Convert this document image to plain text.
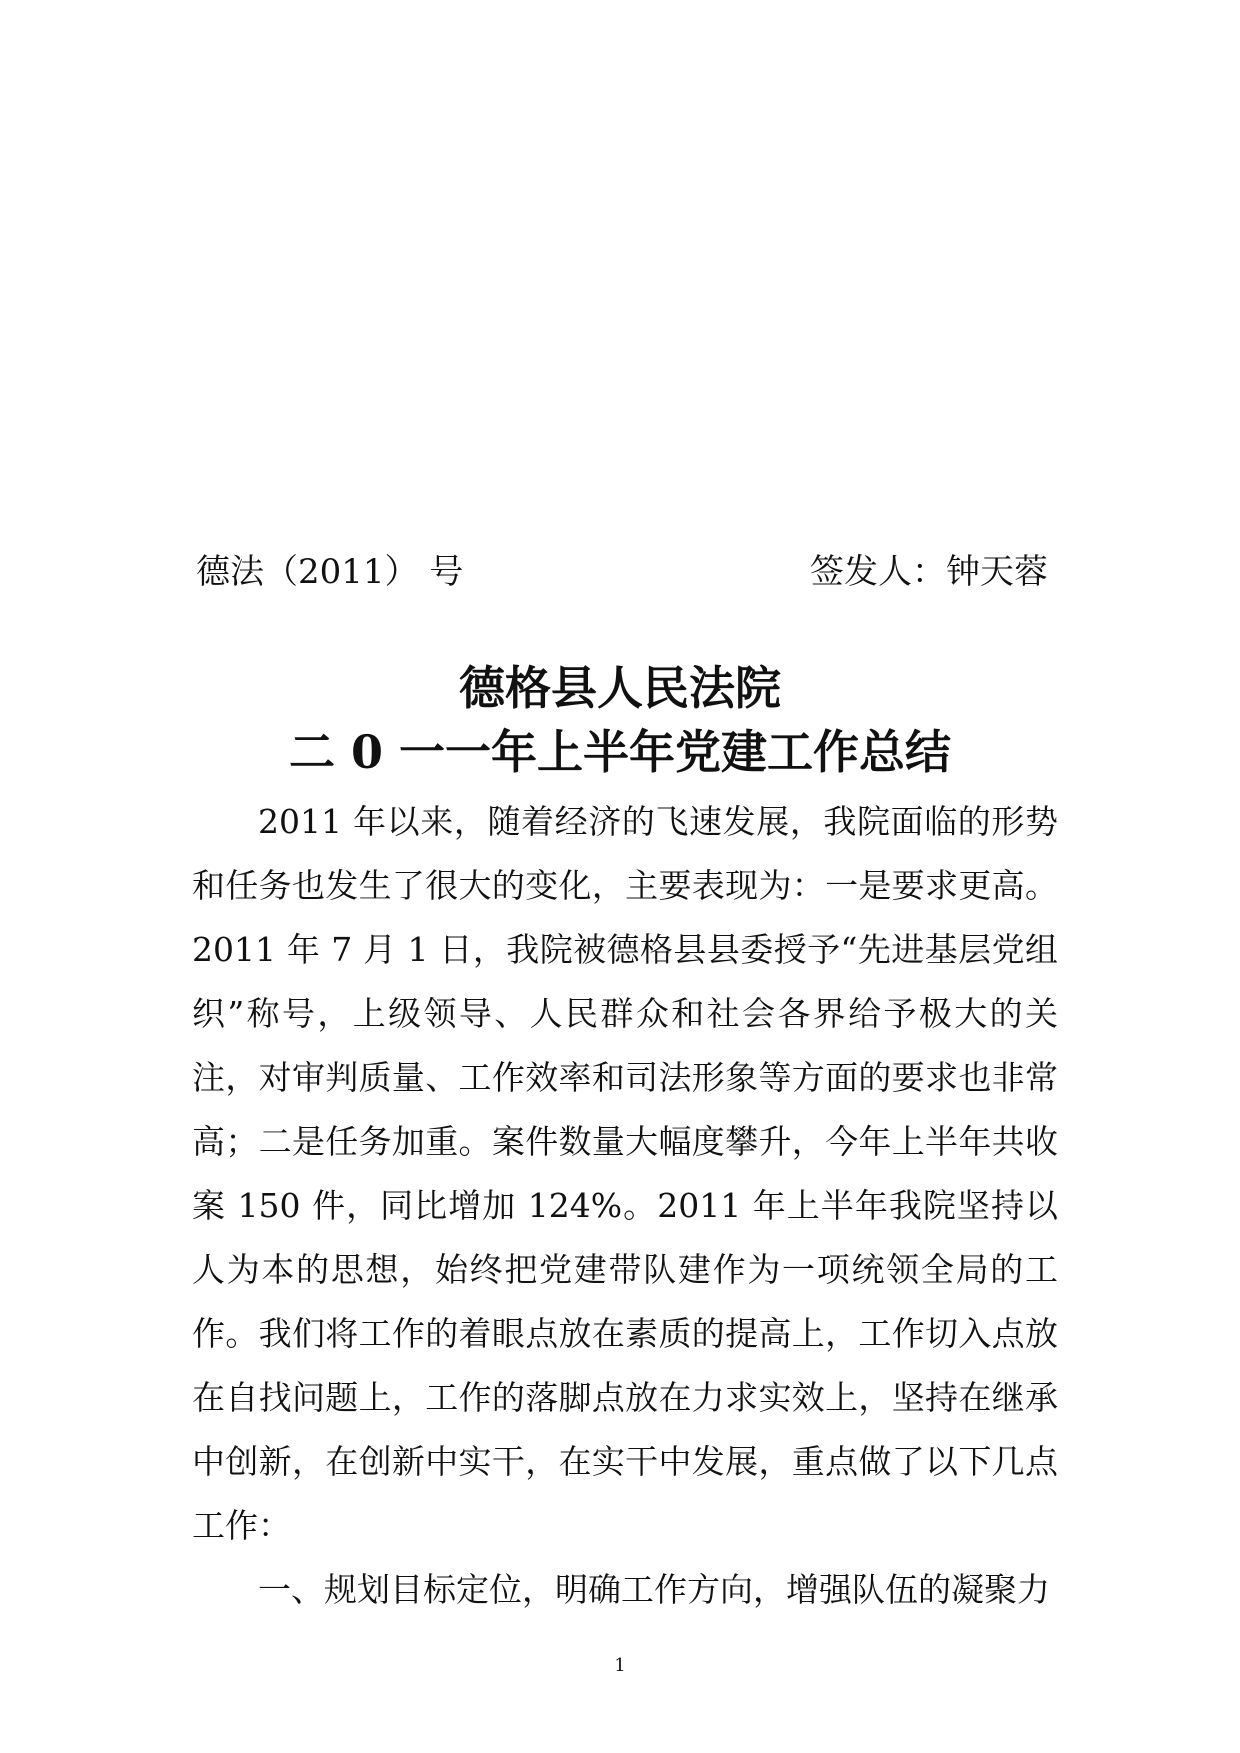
德法（2011） 号	签发人：钟天蓉
德格县人民法院
二 0 一一年上半年党建工作总结

2011 年以来，随着经济的飞速发展，我院面临的形势和任务也发生了很大的变化，主要表现为：一是要求更高。2011 年 7 月 1 日，我院被德格县县委授予“先进基层党组织”称号，上级领导、人民群众和社会各界给予极大的关注，对审判质量、工作效率和司法形象等方面的要求也非常高；二是任务加重。案件数量大幅度攀升，今年上半年共收案 150 件，同比增加 124%。2011 年上半年我院坚持以人为本的思想，始终把党建带队建作为一项统领全局的工作。我们将工作的着眼点放在素质的提高上，工作切入点放在自找问题上，工作的落脚点放在力求实效上，坚持在继承中创新，在创新中实干，在实干中发展，重点做了以下几点工作：

一、规划目标定位，明确工作方向，增强队伍的凝聚力

1
